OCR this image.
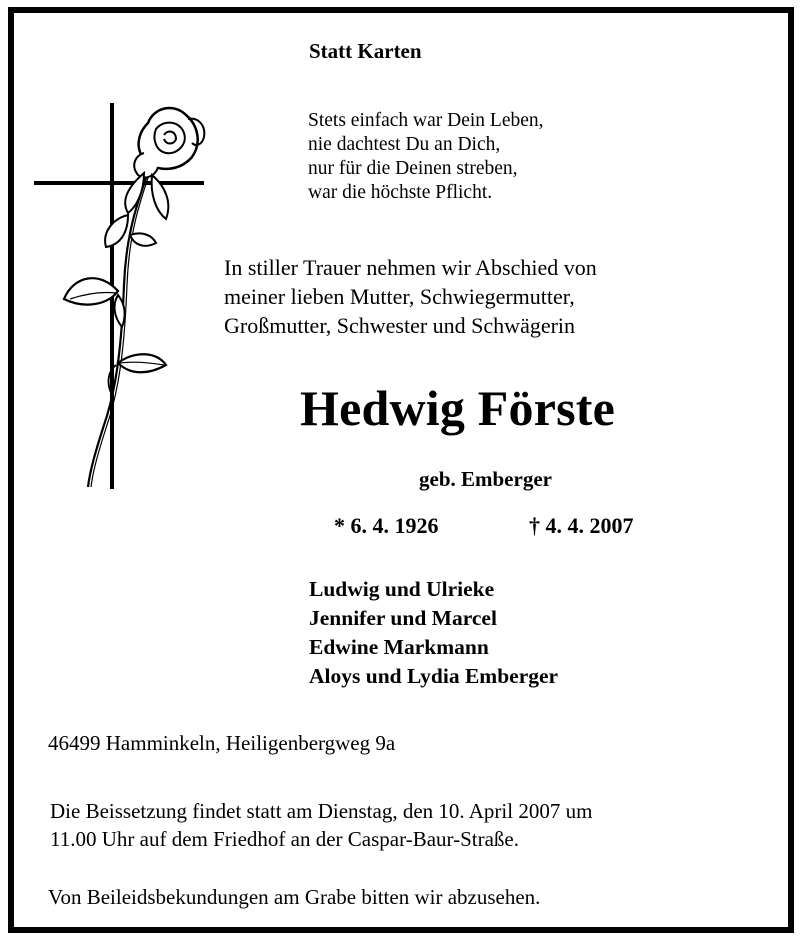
Statt Karten
Stets einfach war Dein Leben,
nie dachtest Du an Dich,
nur für die Deinen streben,
war die höchste Pflicht.
In stiller Trauer nehmen wir Abschied von
meiner lieben Mutter, Schwiegermutter,
Großmutter, Schwester und Schwägerin
Hedwig Förste
geb. Emberger
* 6. 4. 1926	† 4. 4. 2007
Ludwig und Ulrieke
Jennifer und Marcel
Edwine Markmann
Aloys und Lydia Emberger
46499 Hamminkeln, Heiligenbergweg 9a
Die Beissetzung findet statt am Dienstag, den 10. April 2007 um
11.00 Uhr auf dem Friedhof an der Caspar-Baur-Straße.
Von Beileidsbekundungen am Grabe bitten wir abzusehen.
